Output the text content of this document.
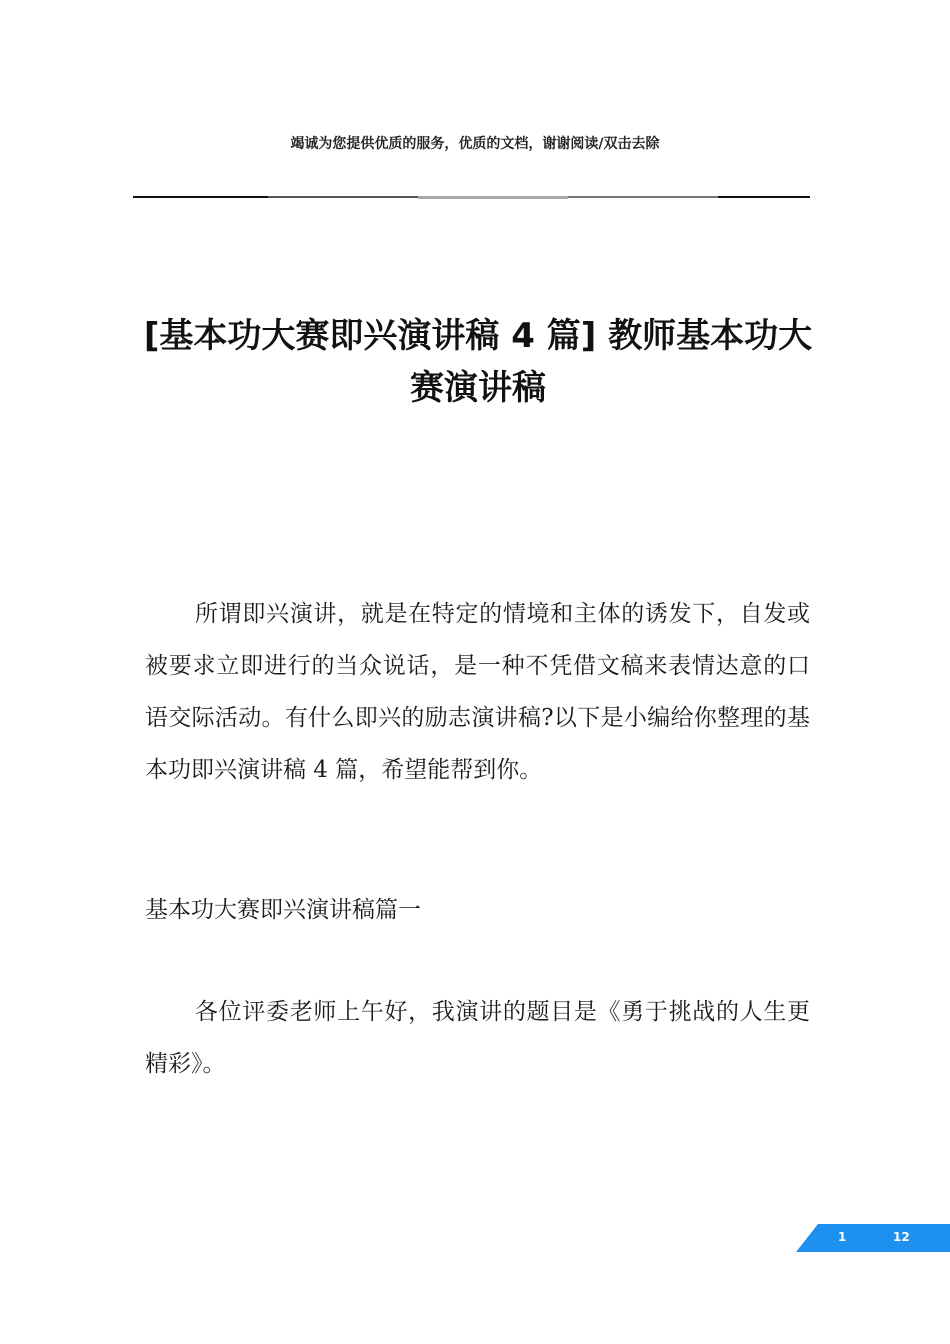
竭诚为您提供优质的服务，优质的文档，谢谢阅读/双击去除
[基本功大赛即兴演讲稿 4 篇] 教师基本功大赛演讲稿

所谓即兴演讲，就是在特定的情境和主体的诱发下，自发或被要求立即进行的当众说话，是一种不凭借文稿来表情达意的口语交际活动。有什么即兴的励志演讲稿?以下是小编给你整理的基本功即兴演讲稿 4 篇，希望能帮到你。

基本功大赛即兴演讲稿篇一

各位评委老师上午好，我演讲的题目是《勇于挑战的人生更精彩》。

1	12
